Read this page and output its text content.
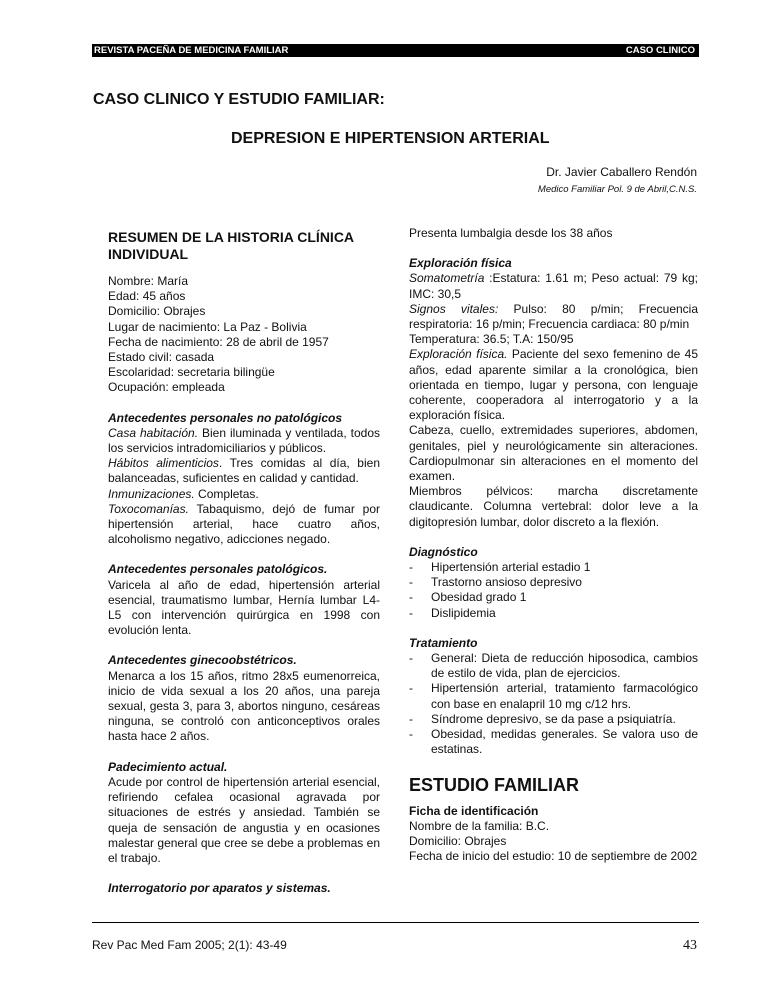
REVISTA PACEÑA DE MEDICINA FAMILIAR	CASO CLINICO
CASO CLINICO Y ESTUDIO FAMILIAR:
DEPRESION E HIPERTENSION ARTERIAL
Dr. Javier Caballero Rendón
Medico Familiar Pol. 9 de Abril,C.N.S.
RESUMEN DE LA HISTORIA CLÍNICA INDIVIDUAL
Nombre: María
Edad: 45 años
Domicilio: Obrajes
Lugar de nacimiento: La Paz - Bolivia
Fecha de nacimiento: 28 de abril de 1957
Estado civil: casada
Escolaridad: secretaria bilingüe
Ocupación: empleada
Antecedentes personales no patológicos
Casa habitación. Bien iluminada y ventilada, todos los servicios intradomiciliarios y públicos.
Hábitos alimenticios. Tres comidas al día, bien balanceadas, suficientes en calidad y cantidad.
Inmunizaciones. Completas.
Toxocomanías. Tabaquismo, dejó de fumar por hipertensión arterial, hace cuatro años, alcoholismo negativo, adicciones negado.
Antecedentes personales patológicos.
Varicela al año de edad, hipertensión arterial esencial, traumatismo lumbar, Hernía lumbar L4-L5 con intervención quirúrgica en 1998 con evolución lenta.
Antecedentes ginecoobstétricos.
Menarca a los 15 años, ritmo 28x5 eumenorreica, inicio de vida sexual a los 20 años, una pareja sexual, gesta 3, para 3, abortos ninguno, cesáreas ninguna, se controló con anticonceptivos orales hasta hace 2 años.
Padecimiento actual.
Acude por control de hipertensión arterial esencial, refiriendo cefalea ocasional agravada por situaciones de estrés y ansiedad. También se queja de sensación de angustia y en ocasiones malestar general que cree se debe a problemas en el trabajo.
Interrogatorio por aparatos y sistemas.
Presenta lumbalgia desde los 38 años
Exploración física
Somatometría :Estatura: 1.61 m; Peso actual: 79 kg; IMC: 30,5
Signos vitales: Pulso: 80 p/min; Frecuencia respiratoria: 16 p/min; Frecuencia cardiaca: 80 p/min
Temperatura: 36.5; T.A: 150/95
Exploración física. Paciente del sexo femenino de 45 años, edad aparente similar a la cronológica, bien orientada en tiempo, lugar y persona, con lenguaje coherente, cooperadora al interrogatorio y a la exploración física.
Cabeza, cuello, extremidades superiores, abdomen, genitales, piel y neurológicamente sin alteraciones. Cardiopulmonar sin alteraciones en el momento del examen.
Miembros pélvicos: marcha discretamente claudicante. Columna vertebral: dolor leve a la digitopresión lumbar, dolor discreto a la flexión.
Diagnóstico
- Hipertensión arterial estadio 1
- Trastorno ansioso depresivo
- Obesidad grado 1
- Dislipidemia
Tratamiento
- General: Dieta de reducción hiposodica, cambios de estilo de vida, plan de ejercicios.
- Hipertensión arterial, tratamiento farmacológico con base en enalapril 10 mg c/12 hrs.
- Síndrome depresivo, se da pase a psiquiatría.
- Obesidad, medidas generales. Se valora uso de estatinas.
ESTUDIO FAMILIAR
Ficha de identificación
Nombre de la familia: B.C.
Domicilio: Obrajes
Fecha de inicio del estudio: 10 de septiembre de 2002
Rev Pac Med Fam 2005; 2(1): 43-49	43
